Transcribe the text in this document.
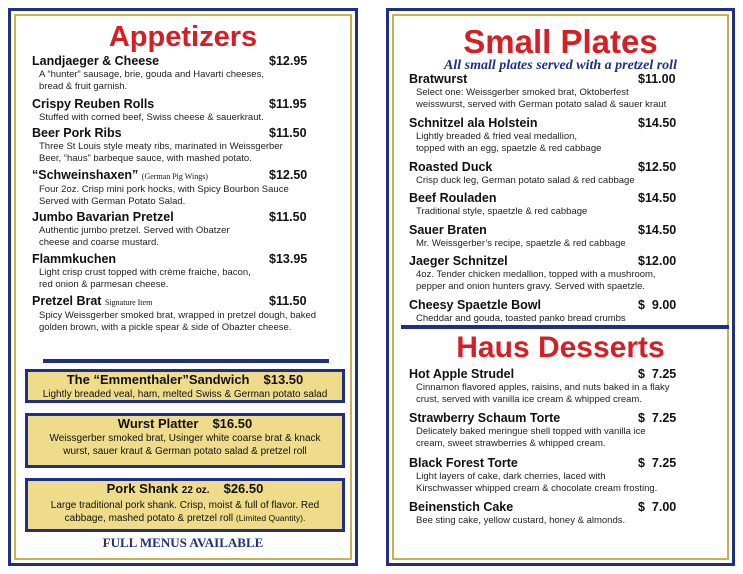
Appetizers
Landjaeger & Cheese	$12.95
A “hunter” sausage, brie, gouda and Havarti cheeses,
bread & fruit garnish.
Crispy Reuben Rolls	$11.95
Stuffed with corned beef, Swiss cheese & sauerkraut.
Beer Pork Ribs	$11.50
Three St Louis style meaty ribs, marinated in Weissgerber
Beer, “haus” barbeque sauce, with mashed potato.
“Schweinshaxen” (German Pig Wings)	$12.50
Four 2oz. Crisp mini pork hocks, with Spicy Bourbon Sauce
Served with German Potato Salad.
Jumbo Bavarian Pretzel	$11.50
Authentic jumbo pretzel. Served with Obatzer
cheese and coarse mustard.
Flammkuchen	$13.95
Light crisp crust topped with crème fraiche, bacon,
red onion & parmesan cheese.
Pretzel Brat Signature Item	$11.50
Spicy Weissgerber smoked brat, wrapped in pretzel dough, baked
golden brown, with a pickle spear & side of Obazter cheese.
The “Emmenthaler”Sandwich $13.50
Lightly breaded veal, ham, melted Swiss & German potato salad
Wurst Platter $16.50
Weissgerber smoked brat, Usinger white coarse brat & knack
wurst, sauer kraut & German potato salad & pretzel roll
Pork Shank 22 oz. $26.50
Large traditional pork shank. Crisp, moist & full of flavor. Red
cabbage, mashed potato & pretzel roll (Limited Quantity).
FULL MENUS AVAILABLE
Small Plates
All small plates served with a pretzel roll
Bratwurst	$11.00
Select one: Weissgerber smoked brat, Oktoberfest
weisswurst, served with German potato salad & sauer kraut
Schnitzel ala Holstein	$14.50
Lightly breaded & fried veal medallion,
topped with an egg, spaetzle & red cabbage
Roasted Duck	$12.50
Crisp duck leg, German potato salad & red cabbage
Beef Rouladen	$14.50
Traditional style, spaetzle & red cabbage
Sauer Braten	$14.50
Mr. Weissgerber’s recipe, spaetzle & red cabbage
Jaeger Schnitzel	$12.00
4oz. Tender chicken medallion, topped with a mushroom,
pepper and onion hunters gravy. Served with spaetzle.
Cheesy Spaetzle Bowl	$  9.00
Cheddar and gouda, toasted panko bread crumbs
Haus Desserts
Hot Apple Strudel	$  7.25
Cinnamon flavored apples, raisins, and nuts baked in a flaky
crust, served with vanilla ice cream & whipped cream.
Strawberry Schaum Torte	$  7.25
Delicately baked meringue shell topped with vanilla ice
cream, sweet strawberries & whipped cream.
Black Forest Torte	$  7.25
Light layers of cake, dark cherries, laced with
Kirschwasser whipped cream & chocolate cream frosting.
Beinenstich Cake	$  7.00
Bee sting cake, yellow custard, honey & almonds.
